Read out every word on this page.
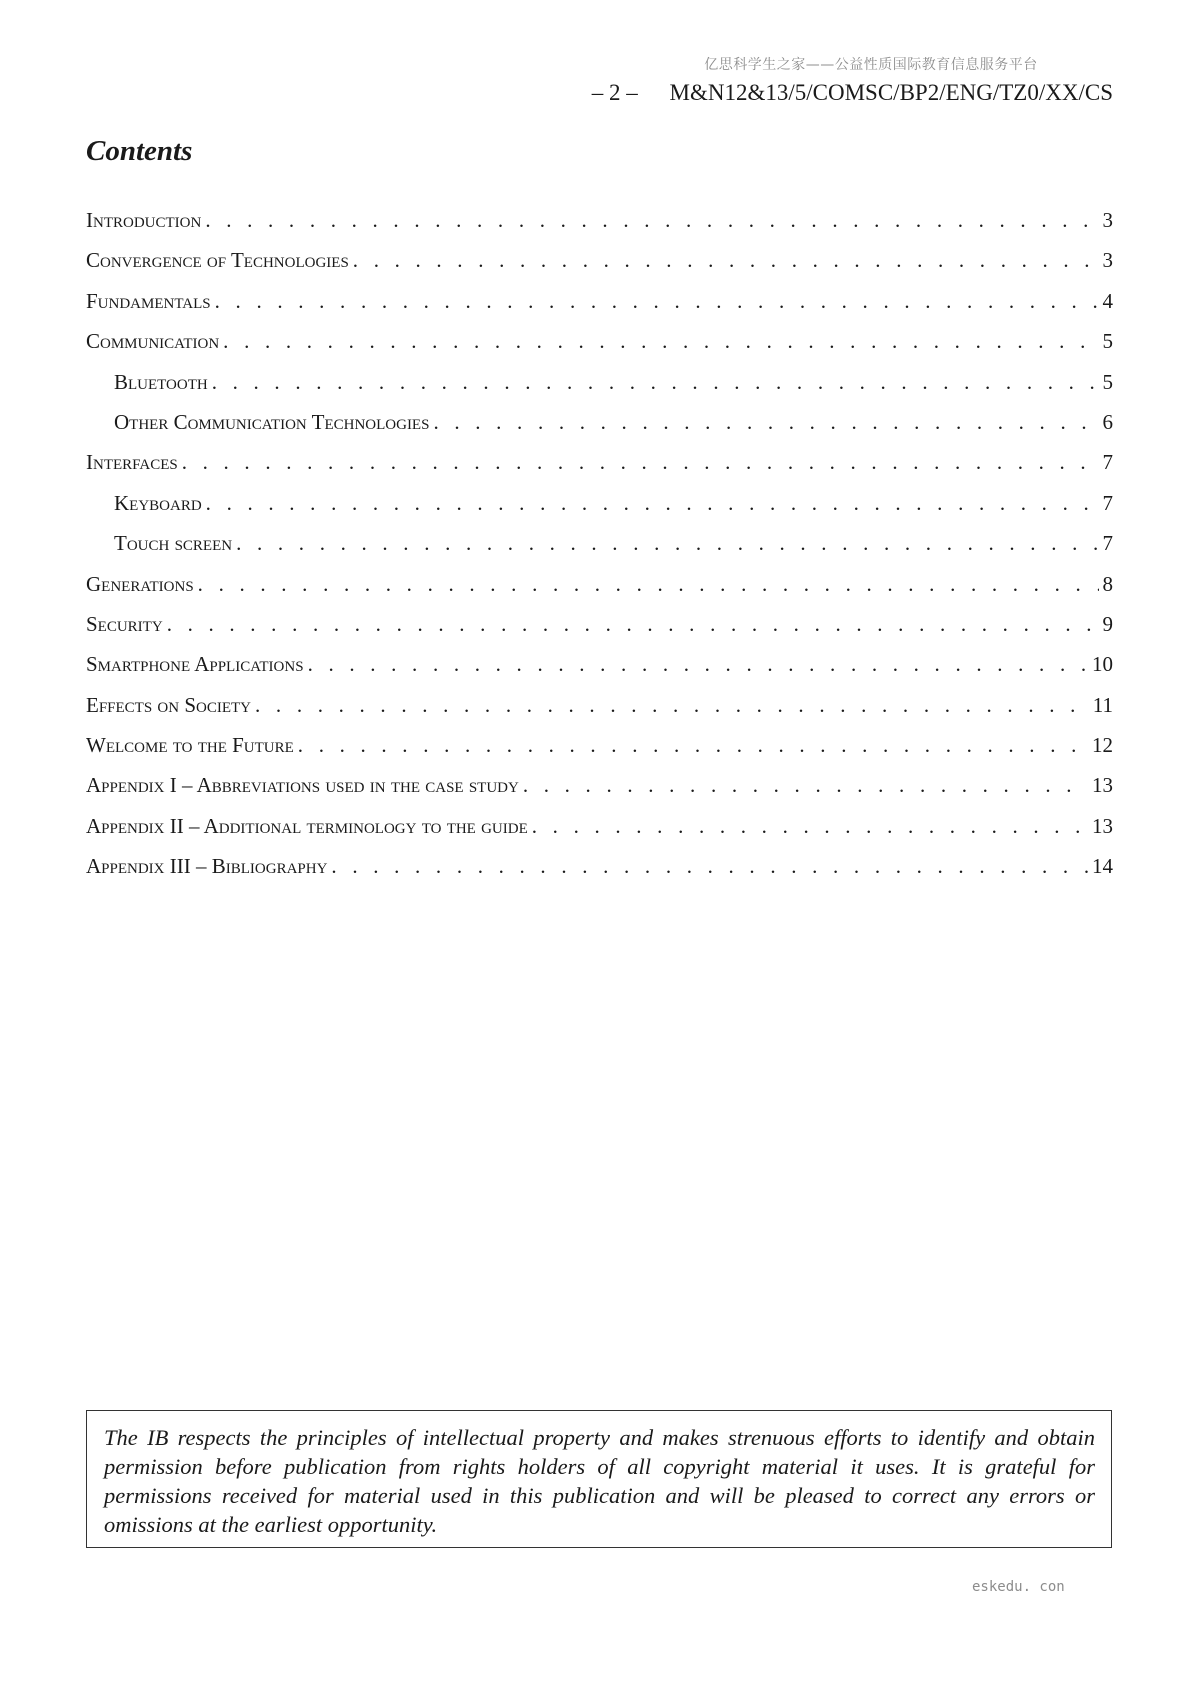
亿思科学生之家——公益性质国际教育信息服务平台
– 2 – M&N12&13/5/COMSC/BP2/ENG/TZ0/XX/CS
Contents
Introduction . . .	3
Convergence of Technologies . . .	3
Fundamentals . . .	4
Communication . . .	5
Bluetooth . . .	5
Other Communication Technologies . . .	6
Interfaces . . .	7
Keyboard . . .	7
Touch screen . . .	7
Generations . . .	8
Security . . .	9
Smartphone Applications . . .	10
Effects on Society . . .	11
Welcome to the Future . . .	12
Appendix I – Abbreviations used in the case study . . .	13
Appendix II – Additional terminology to the guide . . .	13
Appendix III – Bibliography . . .	14

The IB respects the principles of intellectual property and makes strenuous efforts to identify and obtain permission before publication from rights holders of all copyright material it uses. It is grateful for permissions received for material used in this publication and will be pleased to correct any errors or omissions at the earliest opportunity.

eskedu. con
